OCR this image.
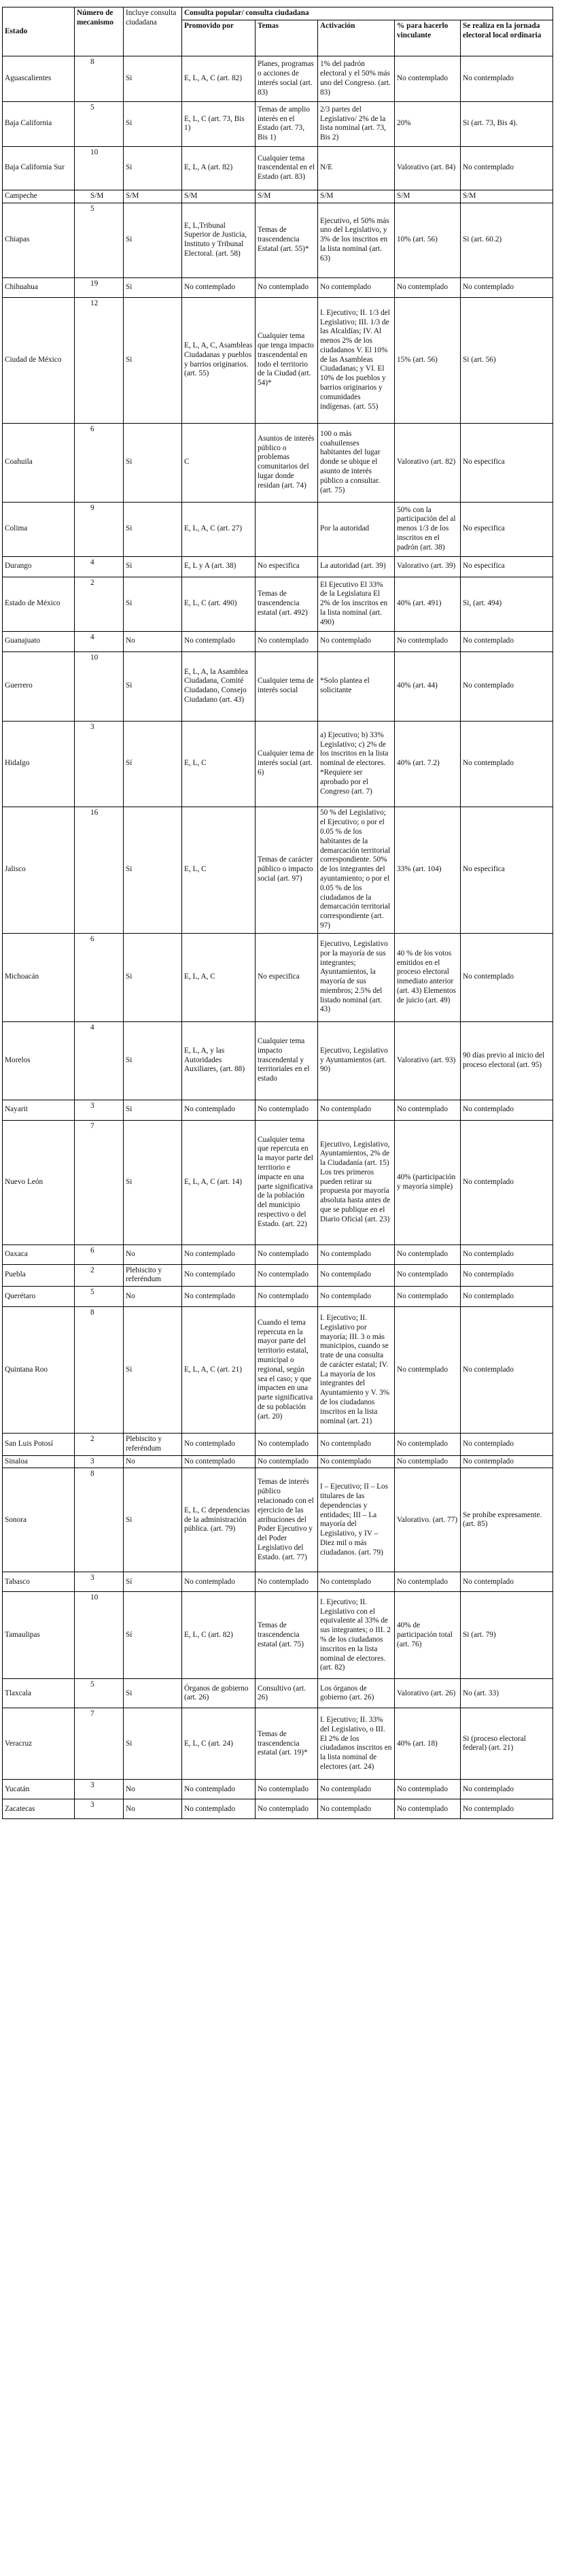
Estado	Número de mecanismo	Incluye consulta ciudadana	Consulta popular/ consulta ciudadana				
			Promovido por	Temas	Activación	% para hacerlo vinculante	Se realiza en la jornada electoral local ordinaria
Aguascalientes	8	Si	E, L, A, C (art. 82)	Planes, programas o acciones de interés social (art. 83)	1% del padrón electoral y el 50% más uno del Congreso. (art. 83)	No contemplado	No contemplado
Baja California	5	Si	E, L, C (art. 73, Bis 1)	Temas de amplio interés en el Estado (art. 73, Bis 1)	2/3 partes del Legislativo/ 2% de la lista nominal (art. 73, Bis 2)	20%	Si (art. 73, Bis 4).
Baja California Sur	10	Si	E, L, A (art. 82)	Cualquier tema trascendental en el Estado (art. 83)	N/E	Valorativo (art. 84)	No contemplado
Campeche	S/M	S/M	S/M	S/M	S/M	S/M	S/M
Chiapas	5	Si	E, L,Tribunal Superior de Justicia, Instituto y Tribunal Electoral. (art. 58)	Temas de trascendencia Estatal (art. 55)*	Ejecutivo, el 50% más uno del Legislativo, y 3% de los inscritos en la lista nominal (art. 63)	10% (art. 56)	Si (art. 60.2)
Chihuahua	19	Si	No contemplado	No contemplado	No contemplado	No contemplado	No contemplado
Ciudad de México	12	Si	E, L, A, C, Asambleas Ciudadanas y pueblos y barrios originarios. (art. 55)	Cualquier tema que tenga impacto trascendental en todo el territorio de la Ciudad (art. 54)*	I. Ejecutivo; II. 1/3 del Legislativo; III. 1/3 de las Alcaldías; IV. Al menos 2% de los ciudadanos V. El 10% de las Asambleas Ciudadanas; y VI. El 10% de los pueblos y barrios originarios y comunidades indígenas. (art. 55)	15% (art. 56)	Si (art. 56)
Coahuila	6	Si	C	Asuntos de interés público o problemas comunitarios del lugar donde residan (art. 74)	100 o más coahuilenses habitantes del lugar donde se ubique el asunto de interés público a consultar. (art. 75)	Valorativo (art. 82)	No especifica
Colima	9	Si	E, L, A, C (art. 27)		Por la autoridad	50% con la participación del al menos 1/3 de los inscritos en el padrón (art. 38)	No especifica
Durango	4	Si	E, L y A (art. 38)	No especifica	La autoridad (art. 39)	Valorativo (art. 39)	No especifica
Estado de México	2	Si	E, L, C (art. 490)	Temas de trascendencia estatal (art. 492)	El Ejecutivo El 33% de la Legislatura El 2% de los inscritos en la lista nominal (art. 490)	40% (art. 491)	Si, (art. 494)
Guanajuato	4	No	No contemplado	No contemplado	No contemplado	No contemplado	No contemplado
Guerrero	10	Si	E, L, A, la Asamblea Ciudadana, Comité Ciudadano, Consejo Ciudadano (art. 43)	Cualquier tema de interés social	*Solo plantea el solicitante	40% (art. 44)	No contemplado
Hidalgo	3	Sí	E, L, C	Cualquier tema de interés social (art. 6)	a) Ejecutivo; b) 33% Legislativo; c) 2% de los inscritos en la lista nominal de electores. *Requiere ser aprobado por el Congreso (art. 7)	40% (art. 7.2)	No contemplado
Jalisco	16	Si	E, L, C	Temas de carácter público o impacto social (art. 97)	50 % del Legislativo; el Ejecutivo; o por el 0.05 % de los habitantes de la demarcación territorial correspondiente. 50% de los integrantes del ayuntamiento; o por el 0.05 % de los ciudadanos de la demarcación territorial correspondiente (art. 97)	33% (art. 104)	No especifica
Michoacán	6	Si	E, L, A, C	No especifica	Ejecutivo, Legislativo por la mayoría de sus integrantes; Ayuntamientos, la mayoría de sus miembros; 2.5% del listado nominal (art. 43)	40 % de los votos emitidos en el proceso electoral inmediato anterior (art. 43) Elementos de juicio (art. 49)	No contemplado
Morelos	4	Si	E, L, A, y las Autoridades Auxiliares, (art. 88)	Cualquier tema impacto trascendental y territoriales en el estado	Ejecutivo, Legislativo y Ayuntamientos (art. 90)	Valorativo (art. 93)	90 días previo al inicio del proceso electoral (art. 95)
Nayarit	3	Si	No contemplado	No contemplado	No contemplado	No contemplado	No contemplado
Nuevo León	7	Si	E, L, A, C (art. 14)	Cualquier tema que repercuta en la mayor parte del territorio e impacte en una parte significativa de la población del municipio respectivo o del Estado. (art. 22)	Ejecutivo, Legislativo, Ayuntamientos, 2% de la Ciudadanía (art. 15) Los tres primeros pueden retirar su propuesta por mayoría absoluta hasta antes de que se publique en el Diario Oficial (art. 23)	40% (participación y mayoría simple)	No contemplado
Oaxaca	6	No	No contemplado	No contemplado	No contemplado	No contemplado	No contemplado
Puebla	2	Plebiscito y referéndum	No contemplado	No contemplado	No contemplado	No contemplado	No contemplado
Querétaro	5	No	No contemplado	No contemplado	No contemplado	No contemplado	No contemplado
Quintana Roo	8	Si	E, L, A, C (art. 21)	Cuando el tema repercuta en la mayor parte del territorio estatal, municipal o regional, según sea el caso; y que impacten en una parte significativa de su población (art. 20)	I. Ejecutivo; II. Legislativo por mayoría; III. 3 o más municipios, cuando se trate de una consulta de carácter estatal; IV. La mayoría de los integrantes del Ayuntamiento y V. 3% de los ciudadanos inscritos en la lista nominal (art. 21)	No contemplado	No contemplado
San Luis Potosí	2	Plebiscito y referéndum	No contemplado	No contemplado	No contemplado	No contemplado	No contemplado
Sinaloa	3	No	No contemplado	No contemplado	No contemplado	No contemplado	No contemplado
Sonora	8	Si	E, L, C dependencias de la administración pública. (art. 79)	Temas de interés público relacionado con el ejercicio de las atribuciones del Poder Ejecutivo y del Poder Legislativo del Estado. (art. 77)	I – Ejecutivo; II – Los titulares de las dependencias y entidades; III – La mayoría del Legislativo, y IV – Diez mil o más ciudadanos. (art. 79)	Valorativo. (art. 77)	Se prohíbe expresamente. (art. 85)
Tabasco	3	Sí	No contemplado	No contemplado	No contemplado	No contemplado	No contemplado
Tamaulipas	10	Sí	E, L, C (art. 82)	Temas de trascendencia estatal (art. 75)	I. Ejecutivo; II. Legislativo con el equivalente al 33% de sus integrantes; o III. 2 % de los ciudadanos inscritos en la lista nominal de electores. (art. 82)	40% de participación total (art. 76)	Si (art. 79)
Tlaxcala	5	Si	Órganos de gobierno (art. 26)	Consultivo (art. 26)	Los órganos de gobierno (art. 26)	Valorativo (art. 26)	No (art. 33)
Veracruz	7	Si	E, L, C (art. 24)	Temas de trascendencia estatal (art. 19)*	I. Ejecutivo; II. 33% del Legislativo, o III. El 2% de los ciudadanos inscritos en la lista nominal de electores (art. 24)	40% (art. 18)	Si (proceso electoral federal) (art. 21)
Yucatán	3	No	No contemplado	No contemplado	No contemplado	No contemplado	No contemplado
Zacatecas	3	No	No contemplado	No contemplado	No contemplado	No contemplado	No contemplado
